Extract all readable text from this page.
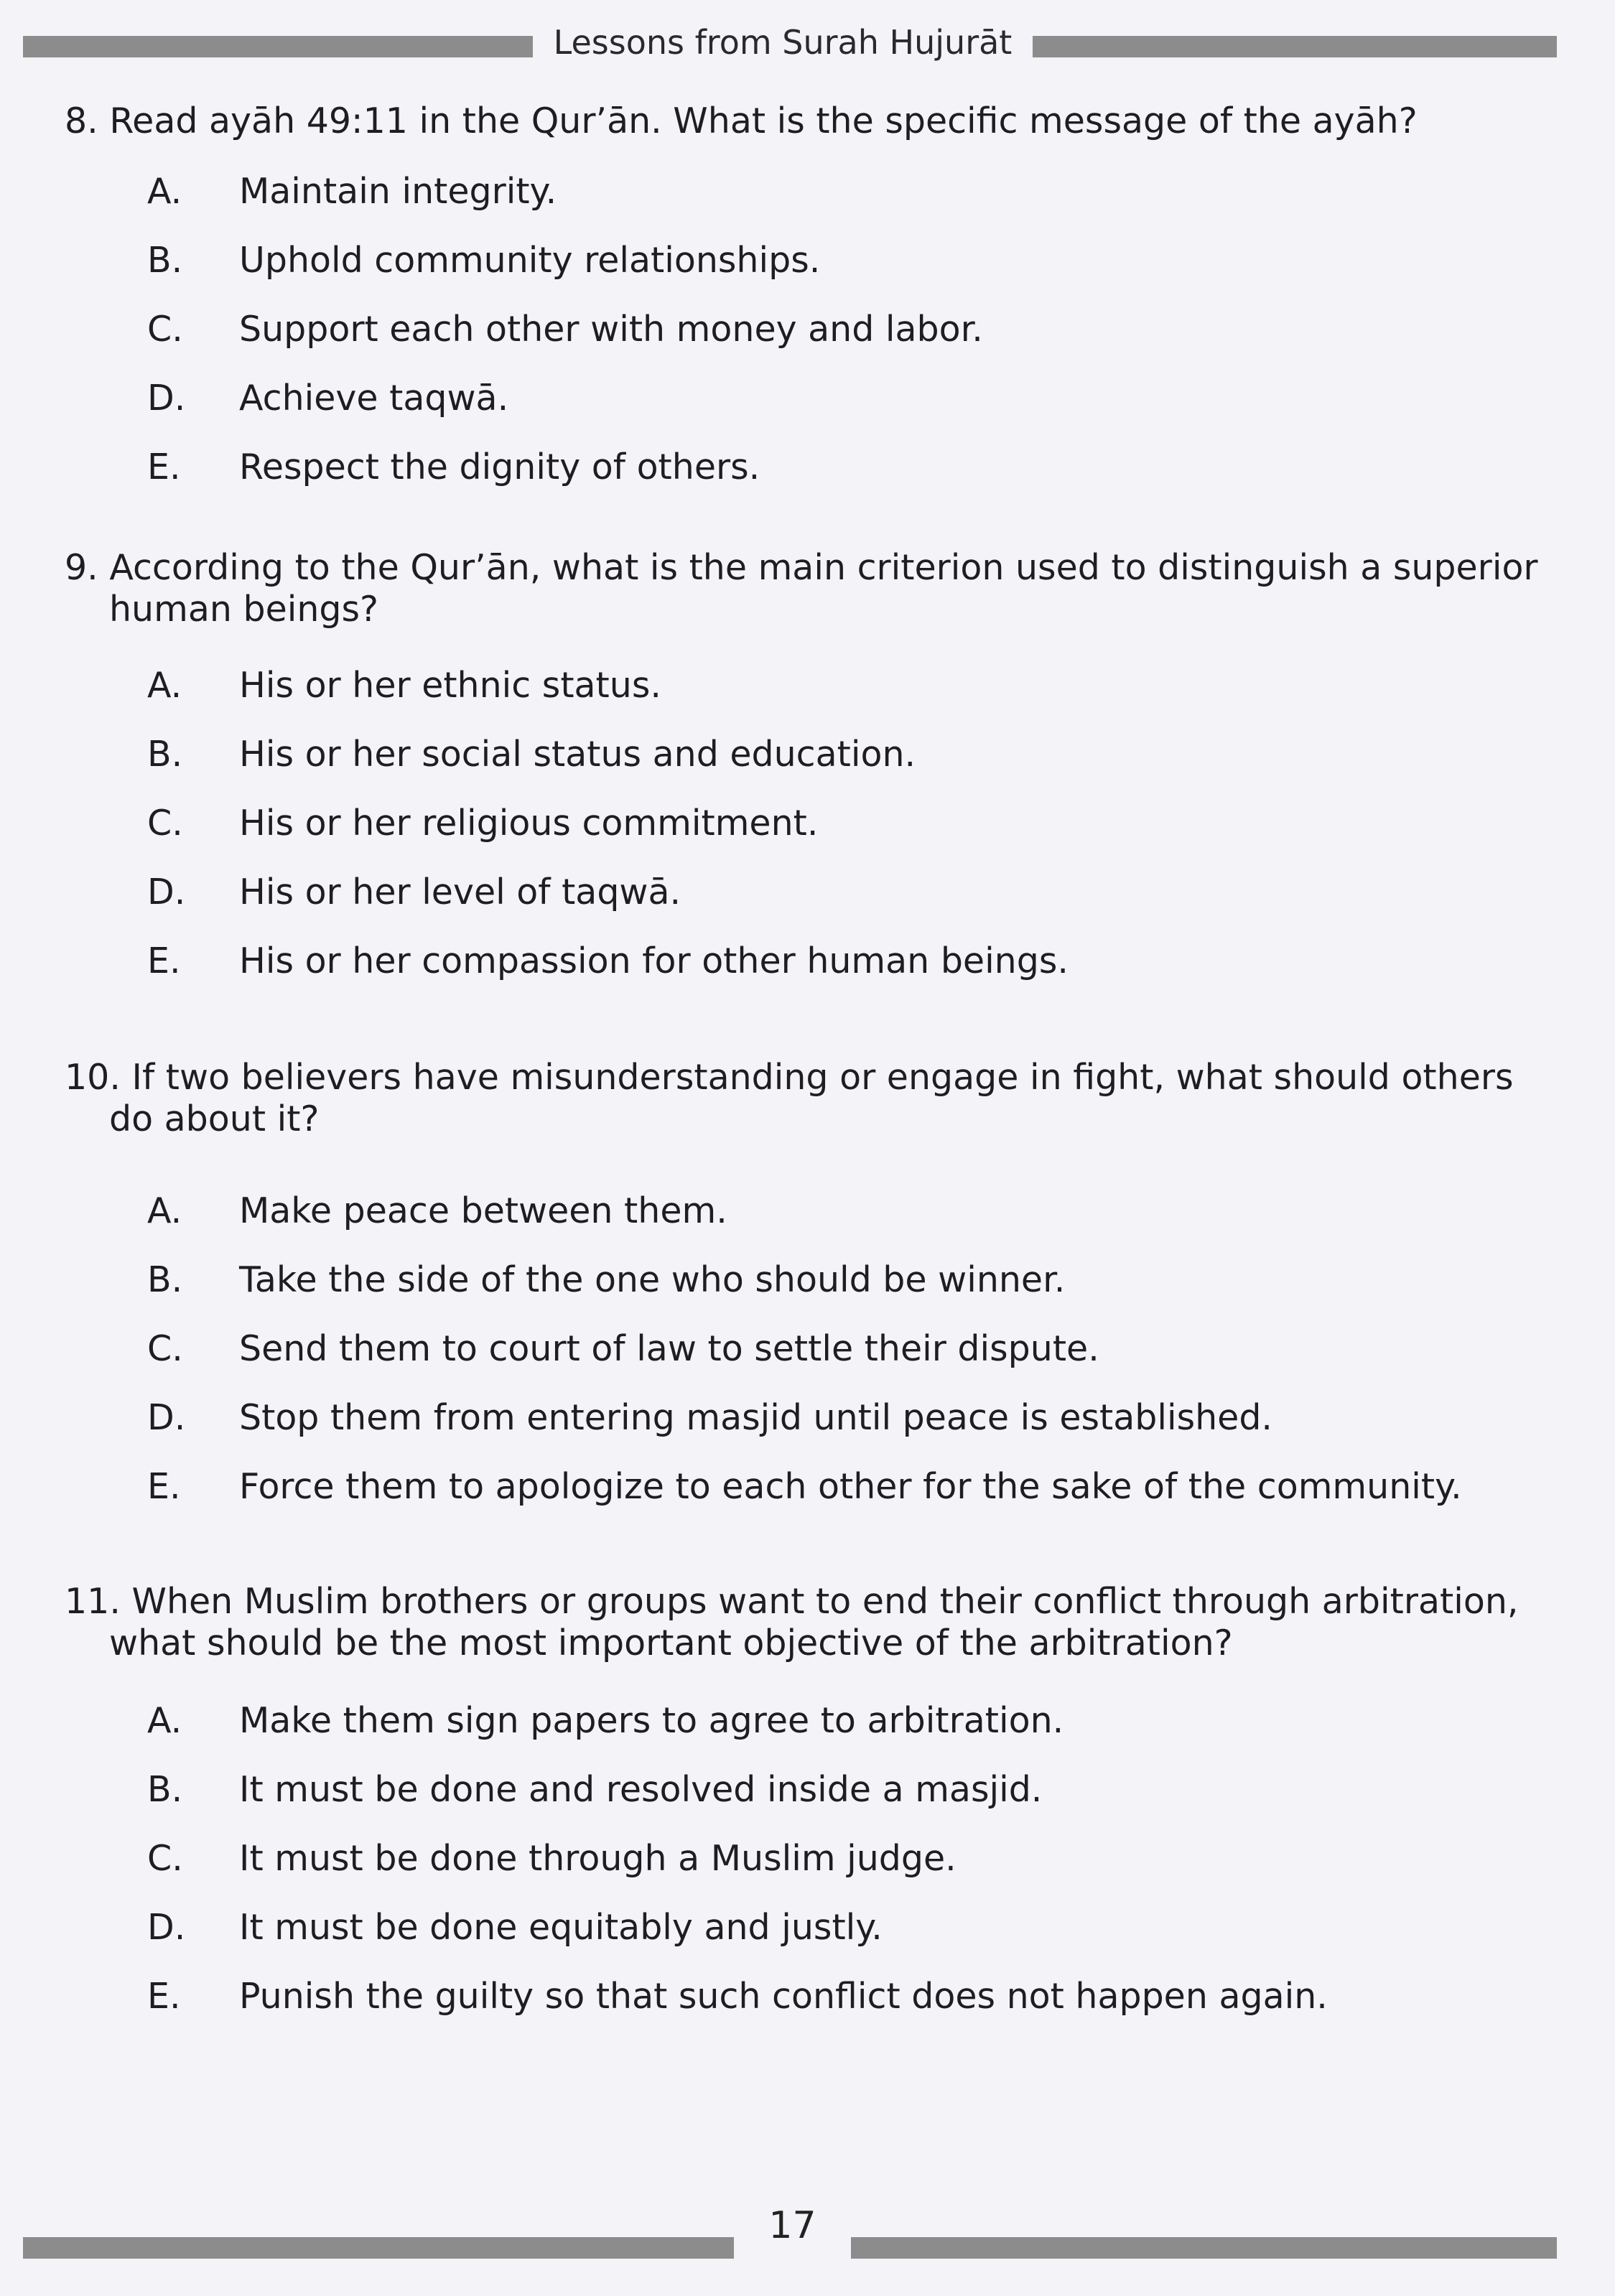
Lessons from Surah Hujurāt

8. Read ayāh 49:11 in the Qur’ān. What is the specific message of the ayāh?

A. Maintain integrity.
B. Uphold community relationships.
C. Support each other with money and labor.
D. Achieve taqwā.
E. Respect the dignity of others.

9. According to the Qur’ān, what is the main criterion used to distinguish a superior human beings?

A. His or her ethnic status.
B. His or her social status and education.
C. His or her religious commitment.
D. His or her level of taqwā.
E. His or her compassion for other human beings.

10. If two believers have misunderstanding or engage in fight, what should others do about it?

A. Make peace between them.
B. Take the side of the one who should be winner.
C. Send them to court of law to settle their dispute.
D. Stop them from entering masjid until peace is established.
E. Force them to apologize to each other for the sake of the community.

11. When Muslim brothers or groups want to end their conflict through arbitration, what should be the most important objective of the arbitration?

A. Make them sign papers to agree to arbitration.
B. It must be done and resolved inside a masjid.
C. It must be done through a Muslim judge.
D. It must be done equitably and justly.
E. Punish the guilty so that such conflict does not happen again.
17
